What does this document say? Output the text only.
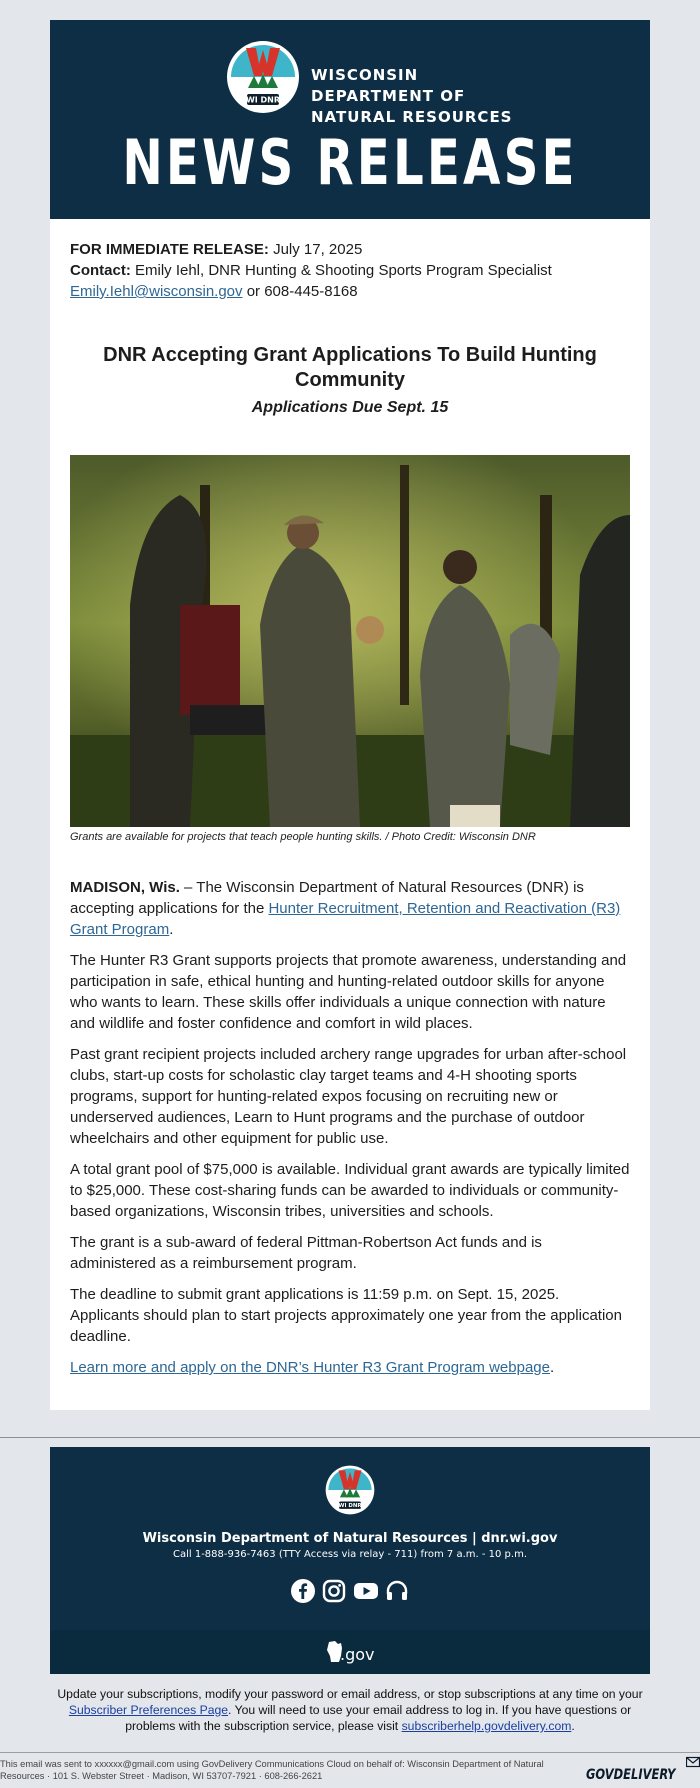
WI DNR
WISCONSIN
DEPARTMENT OF
NATURAL RESOURCES
NEWS RELEASE
FOR IMMEDIATE RELEASE: July 17, 2025
Contact: Emily Iehl, DNR Hunting & Shooting Sports Program Specialist
Emily.Iehl@wisconsin.gov or 608-445-8168
DNR Accepting Grant Applications To Build Hunting Community
Applications Due Sept. 15
Grants are available for projects that teach people hunting skills. / Photo Credit: Wisconsin DNR

MADISON, Wis. – The Wisconsin Department of Natural Resources (DNR) is accepting applications for the Hunter Recruitment, Retention and Reactivation (R3) Grant Program.

The Hunter R3 Grant supports projects that promote awareness, understanding and participation in safe, ethical hunting and hunting-related outdoor skills for anyone who wants to learn. These skills offer individuals a unique connection with nature and wildlife and foster confidence and comfort in wild places.

Past grant recipient projects included archery range upgrades for urban after-school clubs, start-up costs for scholastic clay target teams and 4-H shooting sports programs, support for hunting-related expos focusing on recruiting new or underserved audiences, Learn to Hunt programs and the purchase of outdoor wheelchairs and other equipment for public use.

A total grant pool of $75,000 is available. Individual grant awards are typically limited to $25,000. These cost-sharing funds can be awarded to individuals or community-based organizations, Wisconsin tribes, universities and schools.

The grant is a sub-award of federal Pittman-Robertson Act funds and is administered as a reimbursement program.

The deadline to submit grant applications is 11:59 p.m. on Sept. 15, 2025. Applicants should plan to start projects approximately one year from the application deadline.

Learn more and apply on the DNR’s Hunter R3 Grant Program webpage.

WI DNR
Wisconsin Department of Natural Resources | dnr.wi.gov
Call 1-888-936-7463 (TTY Access via relay - 711) from 7 a.m. - 10 p.m.
.gov
Update your subscriptions, modify your password or email address, or stop subscriptions at any time on your Subscriber Preferences Page. You will need to use your email address to log in. If you have questions or problems with the subscription service, please visit subscriberhelp.govdelivery.com.
This email was sent to xxxxxx@gmail.com using GovDelivery Communications Cloud on behalf of: Wisconsin Department of Natural Resources · 101 S. Webster Street · Madison, WI 53707-7921 · 608-266-2621	GOVDELIVERY
